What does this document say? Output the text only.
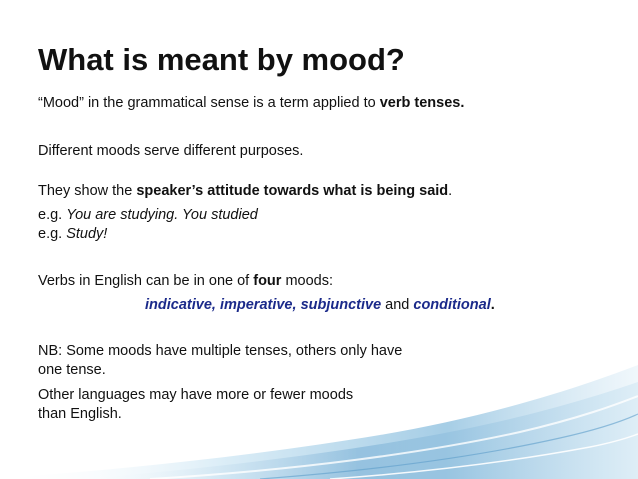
What is meant by mood?
“Mood” in the grammatical sense is a term applied to verb tenses.
Different moods serve different purposes.
They show the speaker’s attitude towards what is being said.
e.g. You are studying. You studied
e.g. Study!
Verbs in English can be in one of four moods:
indicative, imperative, subjunctive and conditional.
NB: Some moods have multiple tenses, others only have
one tense.
Other languages may have more or fewer moods
than English.
